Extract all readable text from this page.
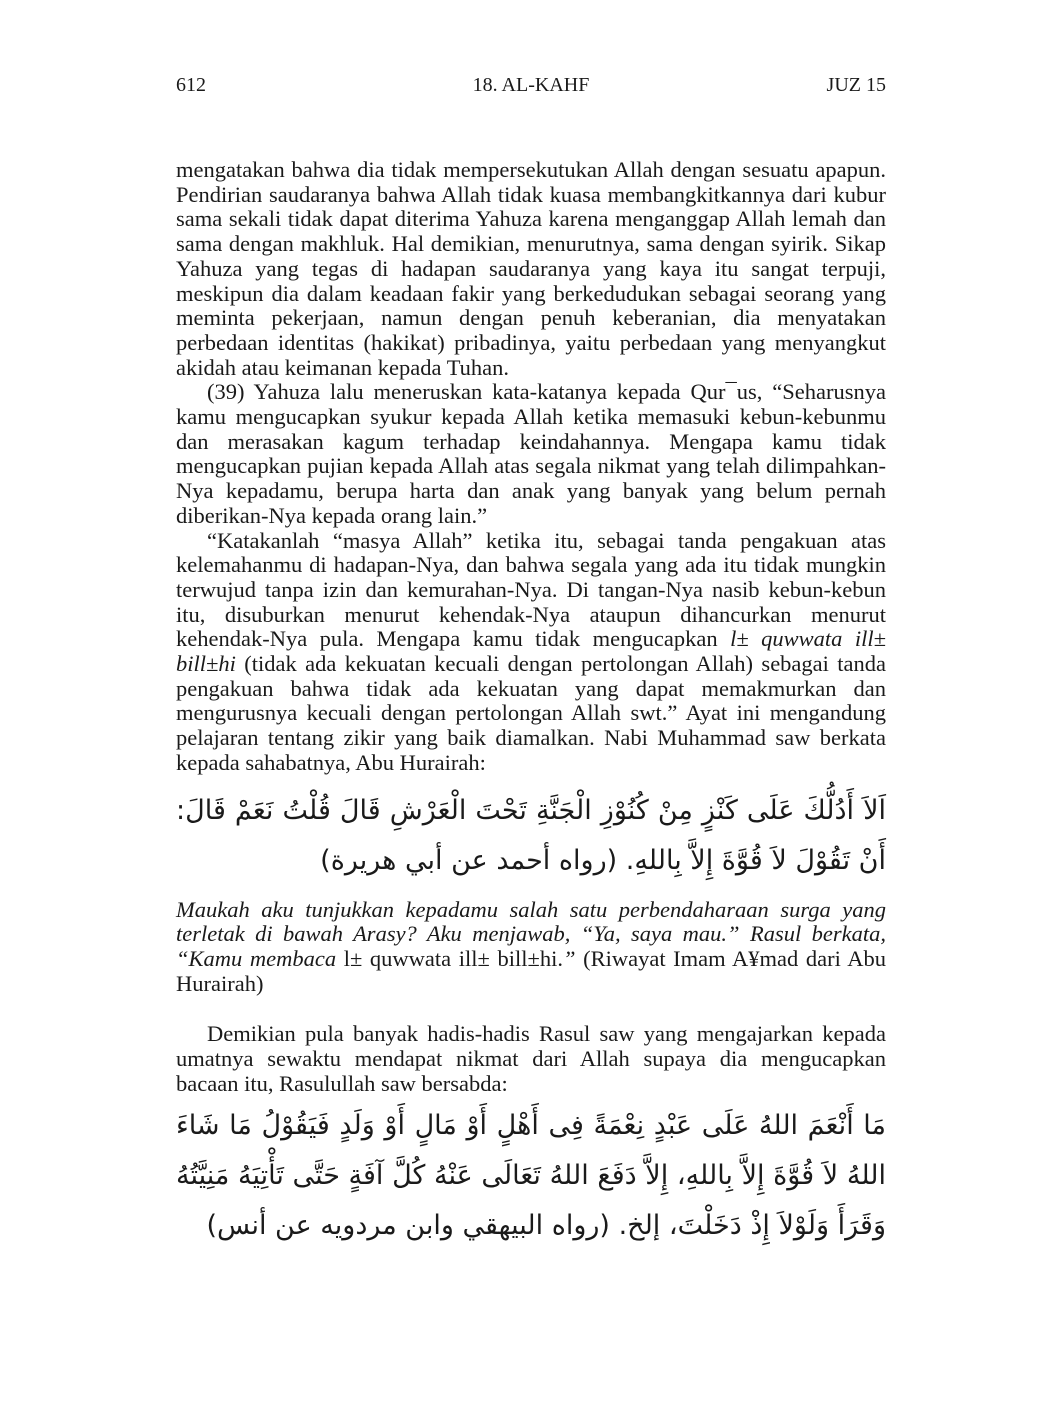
612	18. AL-KAHF	JUZ 15

mengatakan bahwa dia tidak mempersekutukan Allah dengan sesuatu apapun. Pendirian saudaranya bahwa Allah tidak kuasa membangkitkannya dari kubur sama sekali tidak dapat diterima Yahuza karena menganggap Allah lemah dan sama dengan makhluk. Hal demikian, menurutnya, sama dengan syirik. Sikap Yahuza yang tegas di hadapan saudaranya yang kaya itu sangat terpuji, meskipun dia dalam keadaan fakir yang berkedudukan sebagai seorang yang meminta pekerjaan, namun dengan penuh keberanian, dia menyatakan perbedaan identitas (hakikat) pribadinya, yaitu perbedaan yang menyangkut akidah atau keimanan kepada Tuhan.

(39) Yahuza lalu meneruskan kata-katanya kepada Qur¯us, “Seharusnya kamu mengucapkan syukur kepada Allah ketika memasuki kebun-kebunmu dan merasakan kagum terhadap keindahannya. Mengapa kamu tidak mengucapkan pujian kepada Allah atas segala nikmat yang telah dilimpahkan-Nya kepadamu, berupa harta dan anak yang banyak yang belum pernah diberikan-Nya kepada orang lain.”

“Katakanlah “masya Allah” ketika itu, sebagai tanda pengakuan atas kelemahanmu di hadapan-Nya, dan bahwa segala yang ada itu tidak mungkin terwujud tanpa izin dan kemurahan-Nya. Di tangan-Nya nasib kebun-kebun itu, disuburkan menurut kehendak-Nya ataupun dihancurkan menurut kehendak-Nya pula. Mengapa kamu tidak mengucapkan l± quwwata ill± bill±hi (tidak ada kekuatan kecuali dengan pertolongan Allah) sebagai tanda pengakuan bahwa tidak ada kekuatan yang dapat memakmurkan dan mengurusnya kecuali dengan pertolongan Allah swt.” Ayat ini mengandung pelajaran tentang zikir yang baik diamalkan. Nabi Muhammad saw berkata kepada sahabatnya, Abu Hurairah:

اَلاَ أَدُلُّكَ عَلَى كَنْزٍ مِنْ كُنُوْزِ الْجَنَّةِ تَحْتَ الْعَرْشِ قَالَ قُلْتُ نَعَمْ قَالَ: أَنْ تَقُوْلَ لاَ قُوَّةَ إِلاَّ بِاللهِ. (رواه أحمد عن أبي هريرة)

Maukah aku tunjukkan kepadamu salah satu perbendaharaan surga yang terletak di bawah Arasy? Aku menjawab, “Ya, saya mau.” Rasul berkata, “Kamu membaca l± quwwata ill± bill±hi.” (Riwayat Imam A¥mad dari Abu Hurairah)

Demikian pula banyak hadis-hadis Rasul saw yang mengajarkan kepada umatnya sewaktu mendapat nikmat dari Allah supaya dia mengucapkan bacaan itu, Rasulullah saw bersabda:

مَا أَنْعَمَ اللهُ عَلَى عَبْدٍ نِعْمَةً فِى أَهْلٍ أَوْ مَالٍ أَوْ وَلَدٍ فَيَقُوْلُ مَا شَاءَ اللهُ لاَ قُوَّةَ إِلاَّ بِاللهِ، إِلاَّ دَفَعَ اللهُ تَعَالَى عَنْهُ كُلَّ آفَةٍ حَتَّى تَأْتِيَهُ مَنِيَّتُهُ وَقَرَأَ وَلَوْلاَ إِذْ دَخَلْتَ، إلخ. (رواه البيهقي وابن مردويه عن أنس)
